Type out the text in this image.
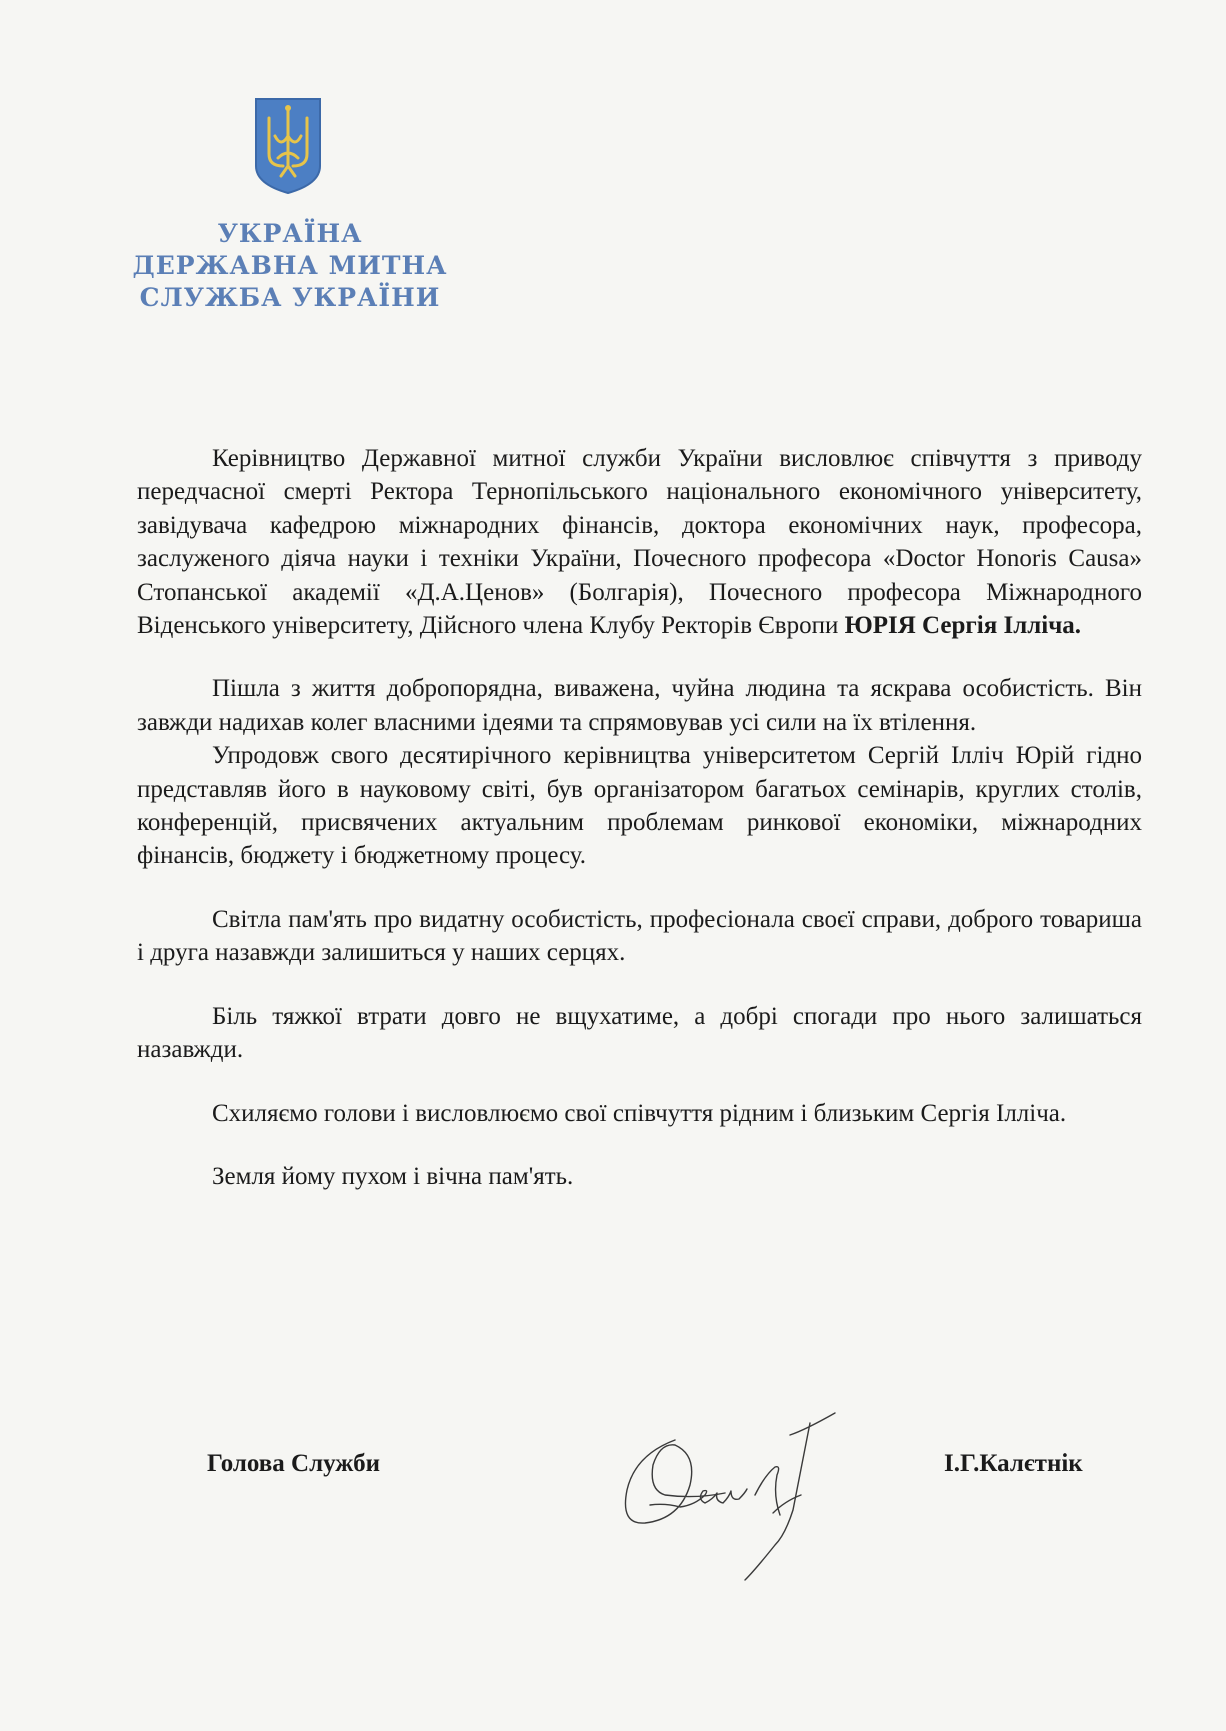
УКРАЇНА
ДЕРЖАВНА МИТНА
СЛУЖБА УКРАЇНИ

Керівництво Державної митної служби України висловлює співчуття з приводу передчасної смерті Ректора Тернопільського національного економічного університету, завідувача кафедрою міжнародних фінансів, доктора економічних наук, професора, заслуженого діяча науки і техніки України, Почесного професора «Doctor Honoris Causa» Стопанської академії «Д.А.Ценов» (Болгарія), Почесного професора Міжнародного Віденського університету, Дійсного члена Клубу Ректорів Європи ЮРІЯ Сергія Ілліча.

Пішла з життя добропорядна, виважена, чуйна людина та яскрава особистість. Він завжди надихав колег власними ідеями та спрямовував усі сили на їх втілення.

Упродовж свого десятирічного керівництва університетом Сергій Ілліч Юрій гідно представляв його в науковому світі, був організатором багатьох семінарів, круглих столів, конференцій, присвячених актуальним проблемам ринкової економіки, міжнародних фінансів, бюджету і бюджетному процесу.

Світла пам'ять про видатну особистість, професіонала своєї справи, доброго товариша і друга назавжди залишиться у наших серцях.

Біль тяжкої втрати довго не вщухатиме, а добрі спогади про нього залишаться назавжди.

Схиляємо голови і висловлюємо свої співчуття рідним і близьким Сергія Ілліча.

Земля йому пухом і вічна пам'ять.

Голова Служби	І.Г.Калєтнік
